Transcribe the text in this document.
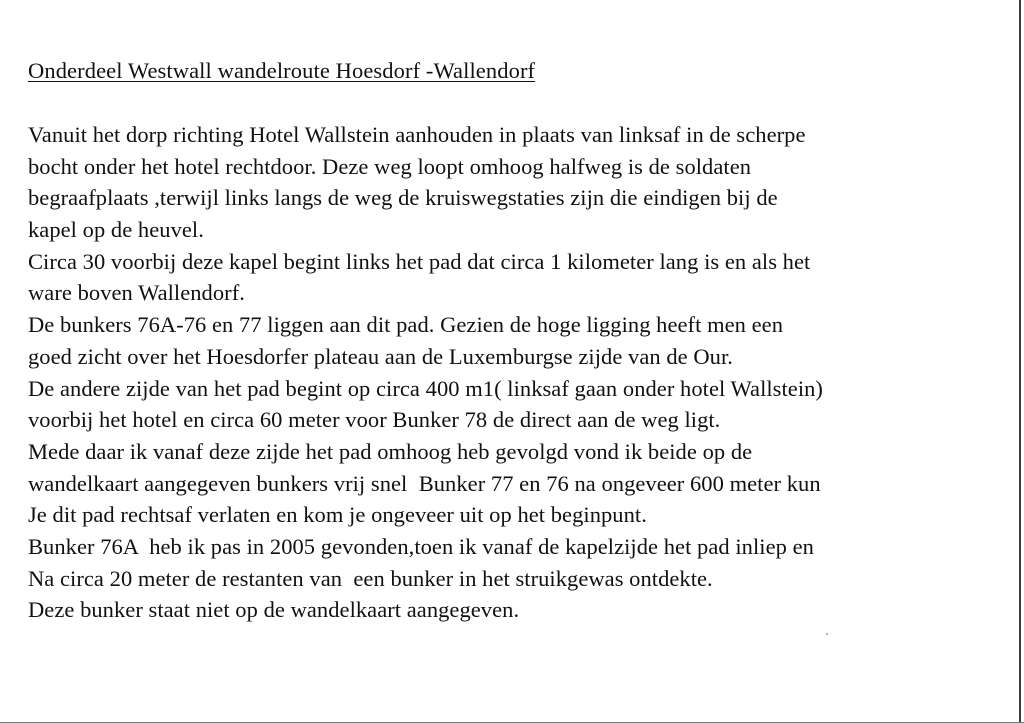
Onderdeel Westwall wandelroute Hoesdorf -Wallendorf
Vanuit het dorp richting Hotel Wallstein aanhouden in plaats van linksaf in de scherpe
bocht onder het hotel rechtdoor. Deze weg loopt omhoog halfweg is de soldaten
begraafplaats ,terwijl links langs de weg de kruiswegstaties zijn die eindigen bij de
kapel op de heuvel.
Circa 30 voorbij deze kapel begint links het pad dat circa 1 kilometer lang is en als het
ware boven Wallendorf.
De bunkers 76A-76 en 77 liggen aan dit pad. Gezien de hoge ligging heeft men een
goed zicht over het Hoesdorfer plateau aan de Luxemburgse zijde van de Our.
De andere zijde van het pad begint op circa 400 m1( linksaf gaan onder hotel Wallstein)
voorbij het hotel en circa 60 meter voor Bunker 78 de direct aan de weg ligt.
Mede daar ik vanaf deze zijde het pad omhoog heb gevolgd vond ik beide op de
wandelkaart aangegeven bunkers vrij snel  Bunker 77 en 76 na ongeveer 600 meter kun
Je dit pad rechtsaf verlaten en kom je ongeveer uit op het beginpunt.
Bunker 76A  heb ik pas in 2005 gevonden,toen ik vanaf de kapelzijde het pad inliep en
Na circa 20 meter de restanten van  een bunker in het struikgewas ontdekte.
Deze bunker staat niet op de wandelkaart aangegeven.
